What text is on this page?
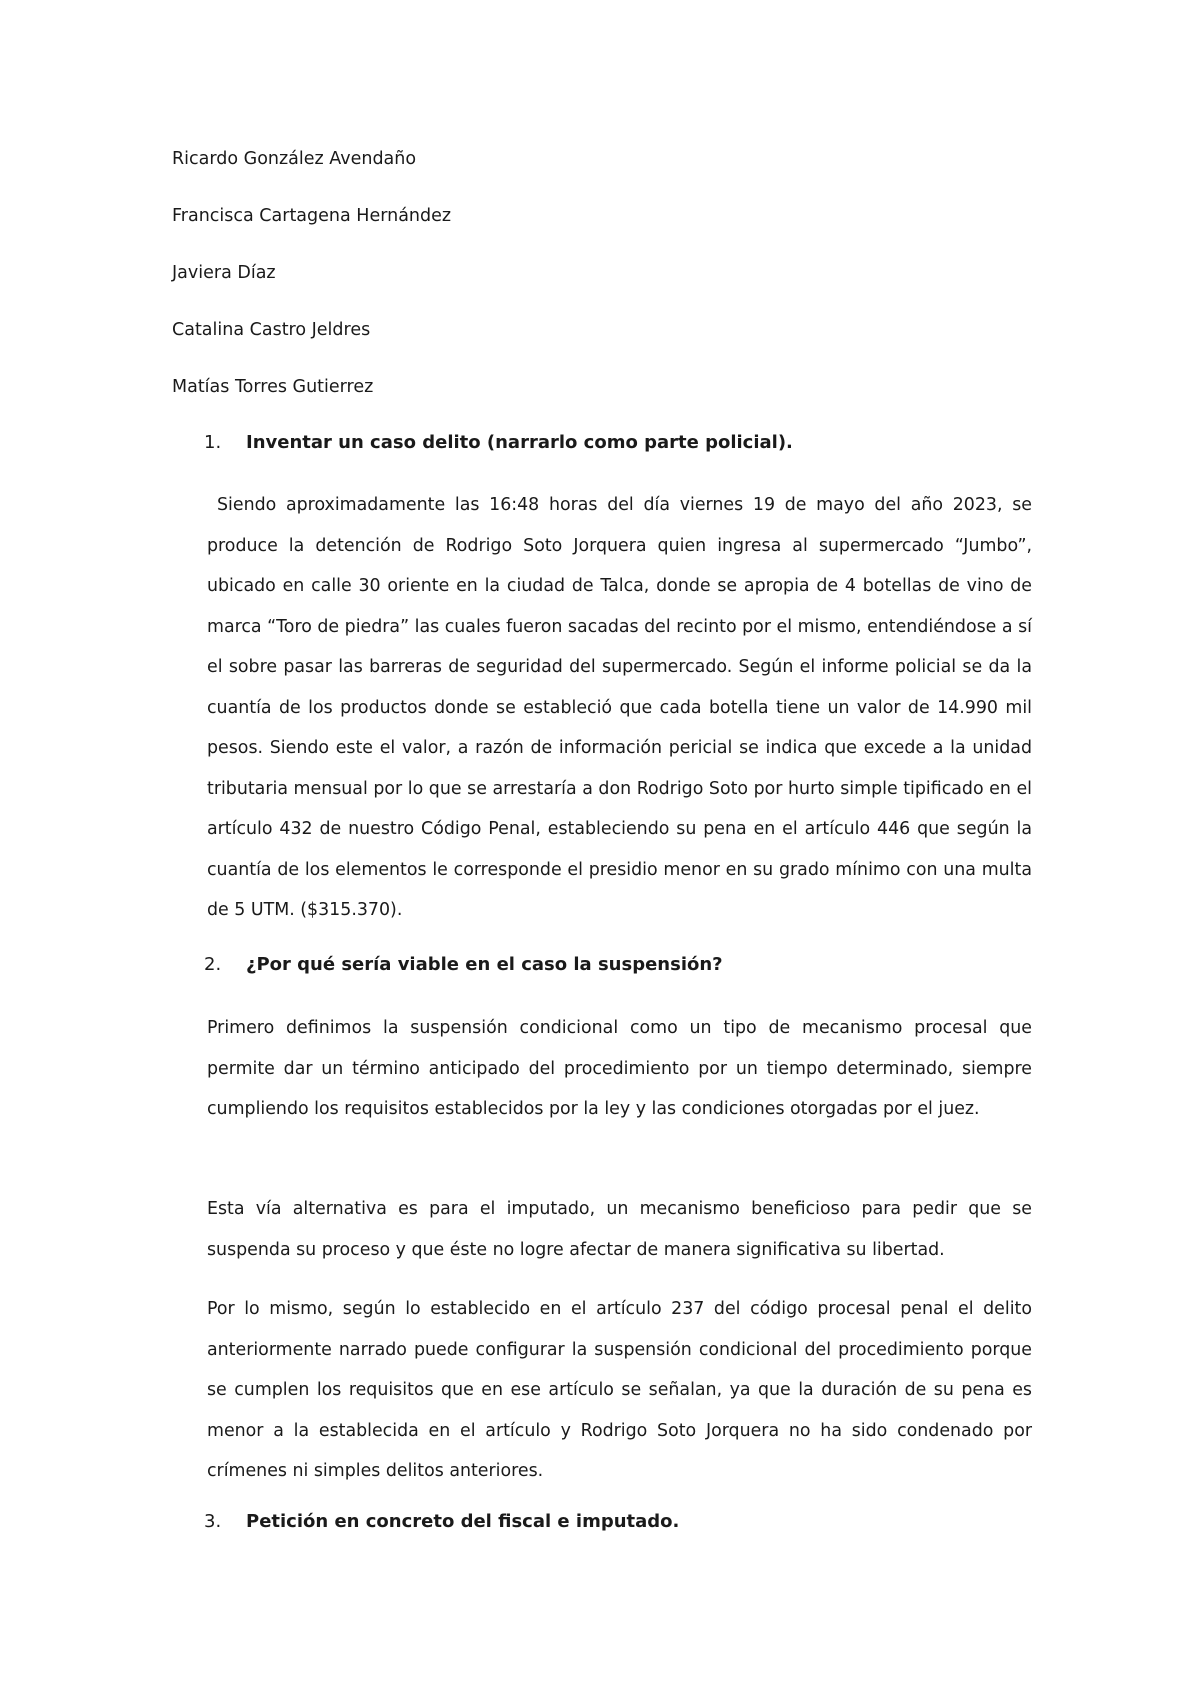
Ricardo González Avendaño
Francisca Cartagena Hernández
Javiera Díaz
Catalina Castro Jeldres
Matías Torres Gutierrez
1. Inventar un caso delito (narrarlo como parte policial).

Siendo aproximadamente las 16:48 horas del día viernes 19 de mayo del año 2023, se produce la detención de Rodrigo Soto Jorquera quien ingresa al supermercado “Jumbo”, ubicado en calle 30 oriente en la ciudad de Talca, donde se apropia de 4 botellas de vino de marca “Toro de piedra” las cuales fueron sacadas del recinto por el mismo, entendiéndose a sí el sobre pasar las barreras de seguridad del supermercado. Según el informe policial se da la cuantía de los productos donde se estableció que cada botella tiene un valor de 14.990 mil pesos. Siendo este el valor, a razón de información pericial se indica que excede a la unidad tributaria mensual por lo que se arrestaría a don Rodrigo Soto por hurto simple tipificado en el artículo 432 de nuestro Código Penal, estableciendo su pena en el artículo 446 que según la cuantía de los elementos le corresponde el presidio menor en su grado mínimo con una multa de 5 UTM. ($315.370).

2. ¿Por qué sería viable en el caso la suspensión?

Primero definimos la suspensión condicional como un tipo de mecanismo procesal que permite dar un término anticipado del procedimiento por un tiempo determinado, siempre cumpliendo los requisitos establecidos por la ley y las condiciones otorgadas por el juez.

Esta vía alternativa es para el imputado, un mecanismo beneficioso para pedir que se suspenda su proceso y que éste no logre afectar de manera significativa su libertad.

Por lo mismo, según lo establecido en el artículo 237 del código procesal penal el delito anteriormente narrado puede configurar la suspensión condicional del procedimiento porque se cumplen los requisitos que en ese artículo se señalan, ya que la duración de su pena es menor a la establecida en el artículo y Rodrigo Soto Jorquera no ha sido condenado por crímenes ni simples delitos anteriores.

3. Petición en concreto del fiscal e imputado.
